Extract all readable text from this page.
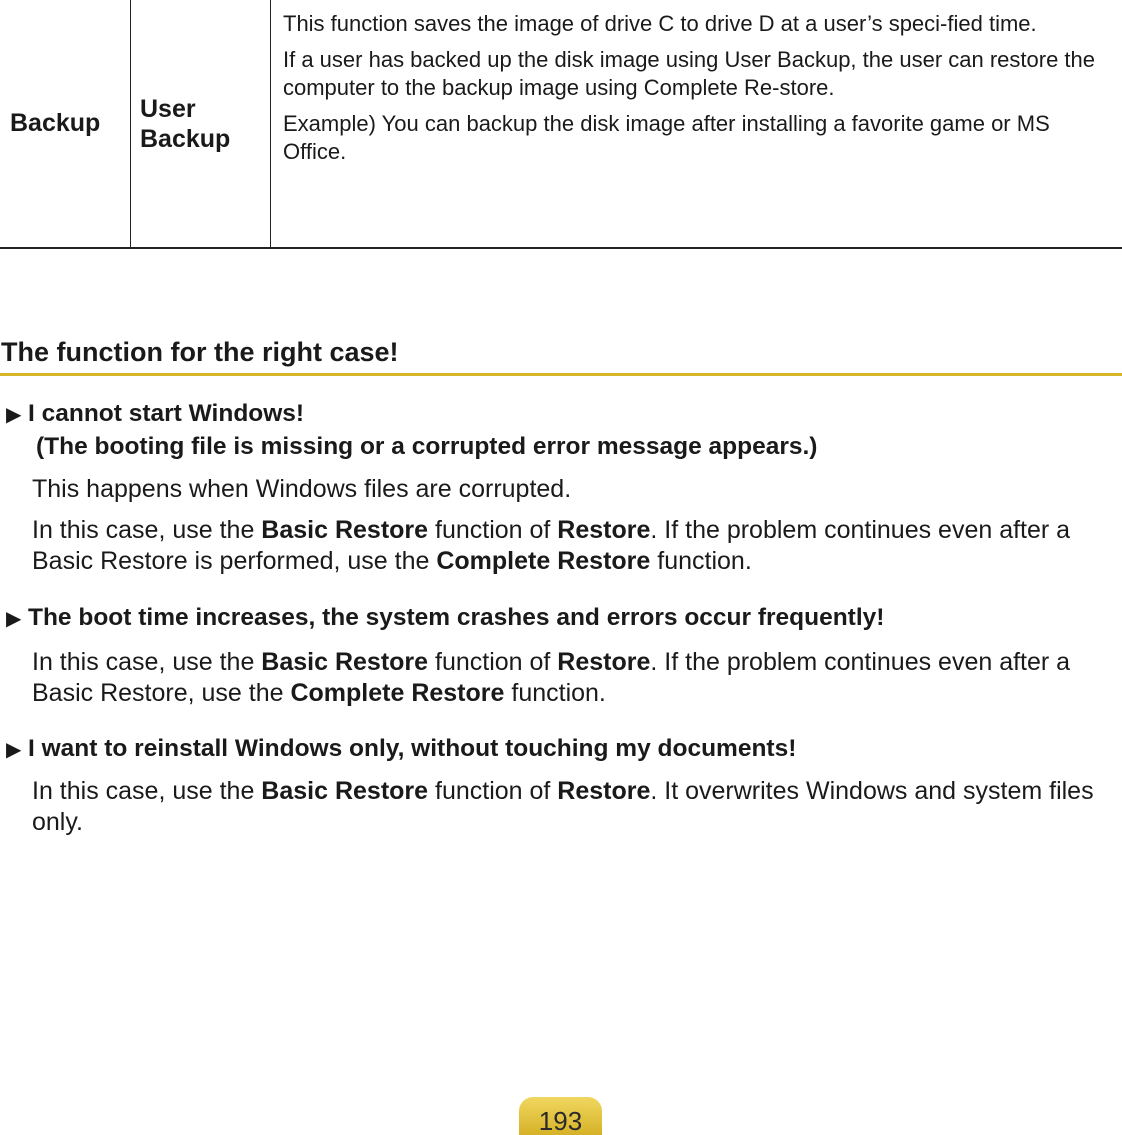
Backup
User Backup

This function saves the image of drive C to drive D at a user’s speci-fied time.

If a user has backed up the disk image using User Backup, the user can restore the computer to the backup image using Complete Re-store.

Example) You can backup the disk image after installing a favorite game or MS Office.

The function for the right case!
▶ I cannot start Windows!
(The booting file is missing or a corrupted error message appears.)
This happens when Windows files are corrupted.
In this case, use the Basic Restore function of Restore. If the problem continues even after a Basic Restore is performed, use the Complete Restore function.
▶ The boot time increases, the system crashes and errors occur frequently!
In this case, use the Basic Restore function of Restore. If the problem continues even after a Basic Restore, use the Complete Restore function.
▶ I want to reinstall Windows only, without touching my documents!
In this case, use the Basic Restore function of Restore. It overwrites Windows and system files only.
193
